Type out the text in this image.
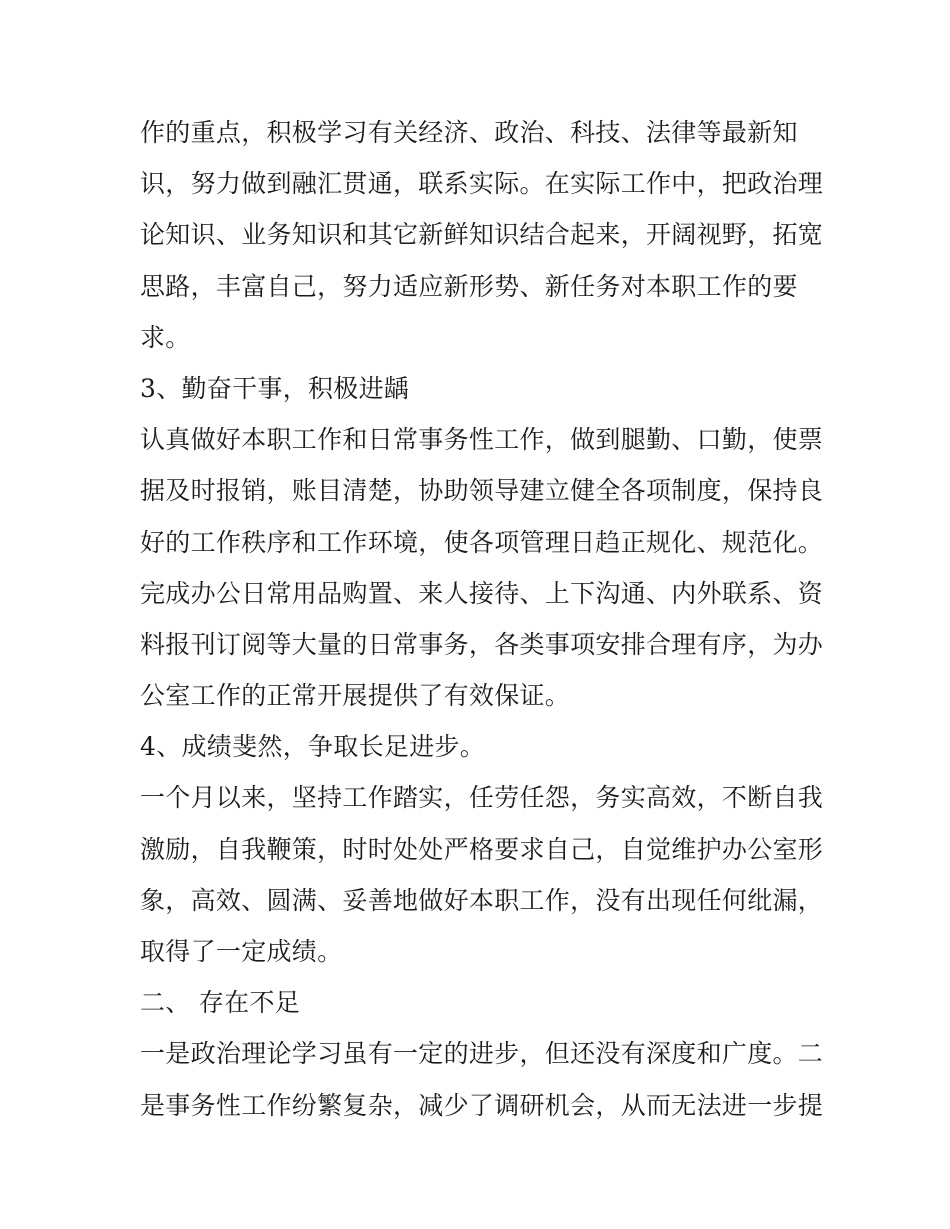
作的重点，积极学习有关经济、政治、科技、法律等最新知
识，努力做到融汇贯通，联系实际。在实际工作中，把政治理
论知识、业务知识和其它新鲜知识结合起来，开阔视野，拓宽
思路，丰富自己，努力适应新形势、新任务对本职工作的要
求。
3、勤奋干事，积极进龋
认真做好本职工作和日常事务性工作，做到腿勤、口勤，使票
据及时报销，账目清楚，协助领导建立健全各项制度，保持良
好的工作秩序和工作环境，使各项管理日趋正规化、规范化。
完成办公日常用品购置、来人接待、上下沟通、内外联系、资
料报刊订阅等大量的日常事务，各类事项安排合理有序，为办
公室工作的正常开展提供了有效保证。
4、成绩斐然，争取长足进步。
一个月以来，坚持工作踏实，任劳任怨，务实高效，不断自我
激励，自我鞭策，时时处处严格要求自己，自觉维护办公室形
象，高效、圆满、妥善地做好本职工作，没有出现任何纰漏，
取得了一定成绩。
二、 存在不足
一是政治理论学习虽有一定的进步，但还没有深度和广度。二
是事务性工作纷繁复杂，减少了调研机会，从而无法进一步提
